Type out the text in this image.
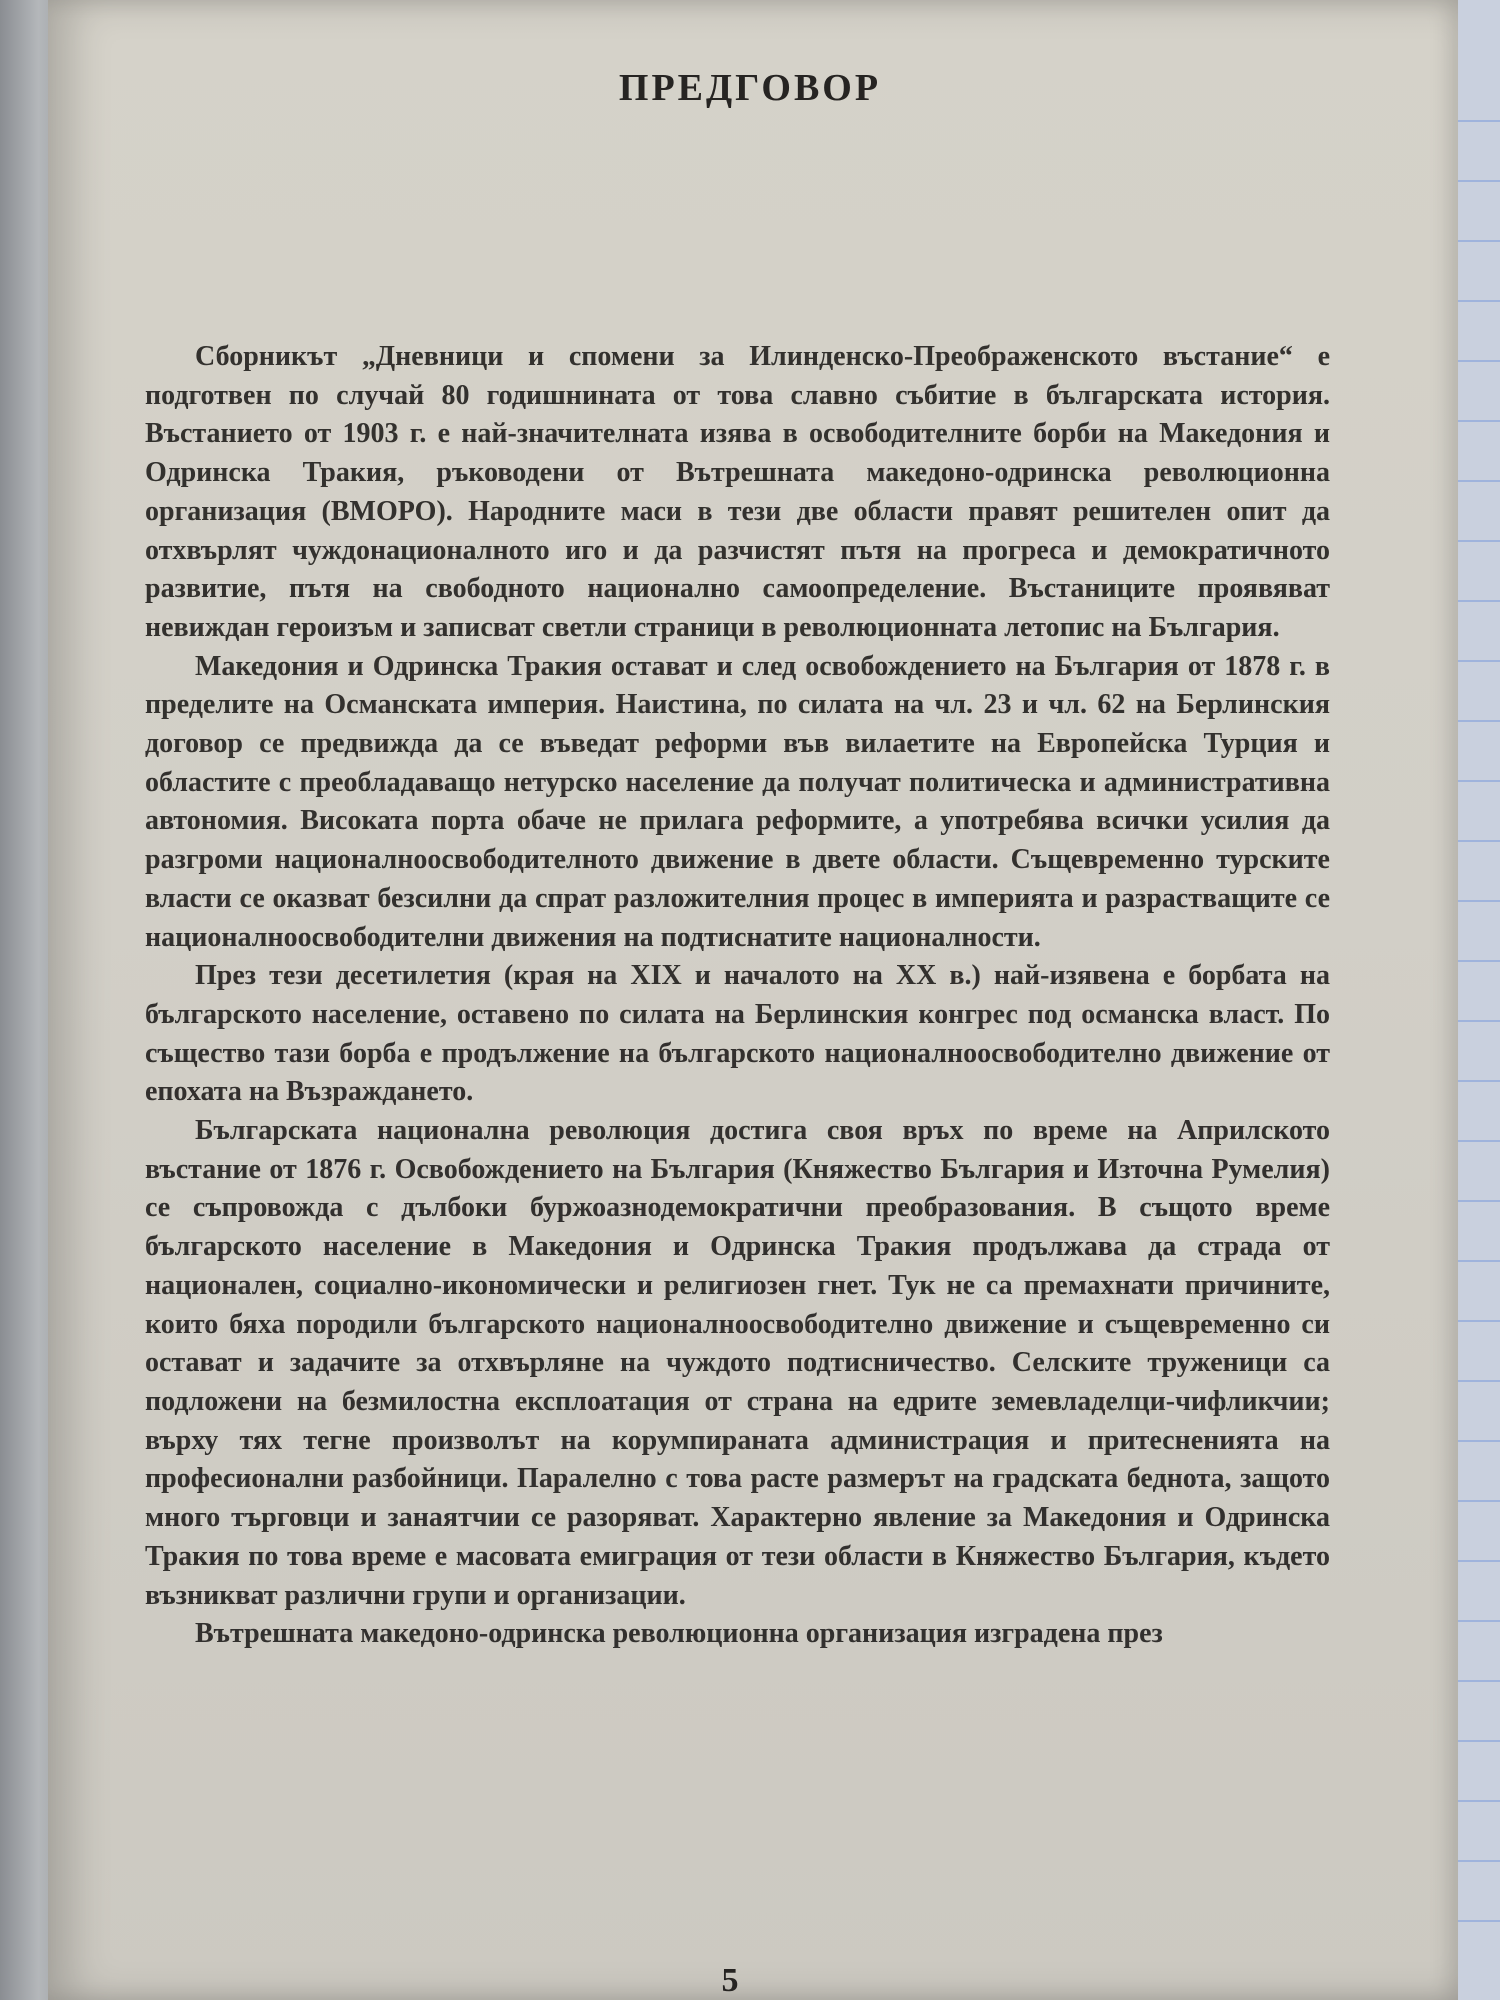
ПРЕДГОВОР

Сборникът „Дневници и спомени за Илинденско-Преображенското въстание“ е подготвен по случай 80 годишнината от това славно събитие в българската история. Въстанието от 1903 г. е най-значителната изява в освободителните борби на Македония и Одринска Тракия, ръководени от Вътрешната македоно-одринска революционна организация (ВМОРО). Народните маси в тези две области правят решителен опит да отхвърлят чуждонационалното иго и да разчистят пътя на прогреса и демократичното развитие, пътя на свободното национално самоопределение. Въстаниците проявяват невиждан героизъм и записват светли страници в революционната летопис на България.

Македония и Одринска Тракия остават и след освобождението на България от 1878 г. в пределите на Османската империя. Наистина, по силата на чл. 23 и чл. 62 на Берлинския договор се предвижда да се въведат реформи във вилаетите на Европейска Турция и областите с преобладаващо нетурско население да получат политическа и административна автономия. Високата порта обаче не прилага реформите, а употребява всички усилия да разгроми националноосвободителното движение в двете области. Същевременно турските власти се оказват безсилни да спрат разложителния процес в империята и разрастващите се националноосвободителни движения на подтиснатите националности.

През тези десетилетия (края на XIX и началото на XX в.) най-изявена е борбата на българското население, оставено по силата на Берлинския конгрес под османска власт. По същество тази борба е продължение на българското националноосвободително движение от епохата на Възраждането.

Българската национална революция достига своя връх по време на Априлското въстание от 1876 г. Освобождението на България (Княжество България и Източна Румелия) се съпровожда с дълбоки буржоазнодемократични преобразования. В същото време българското население в Македония и Одринска Тракия продължава да страда от национален, социално-икономически и религиозен гнет. Тук не са премахнати причините, които бяха породили българското националноосвободително движение и същевременно си остават и задачите за отхвърляне на чуждото подтисничество. Селските труженици са подложени на безмилостна експлоатация от страна на едрите земевладелци-чифликчии; върху тях тегне произволът на корумпираната администрация и притесненията на професионални разбойници. Паралелно с това расте размерът на градската беднота, защото много търговци и занаятчии се разоряват. Характерно явление за Македония и Одринска Тракия по това време е масовата емиграция от тези области в Княжество България, където възникват различни групи и организации.

Вътрешната македоно-одринска революционна организация изградена през

5
